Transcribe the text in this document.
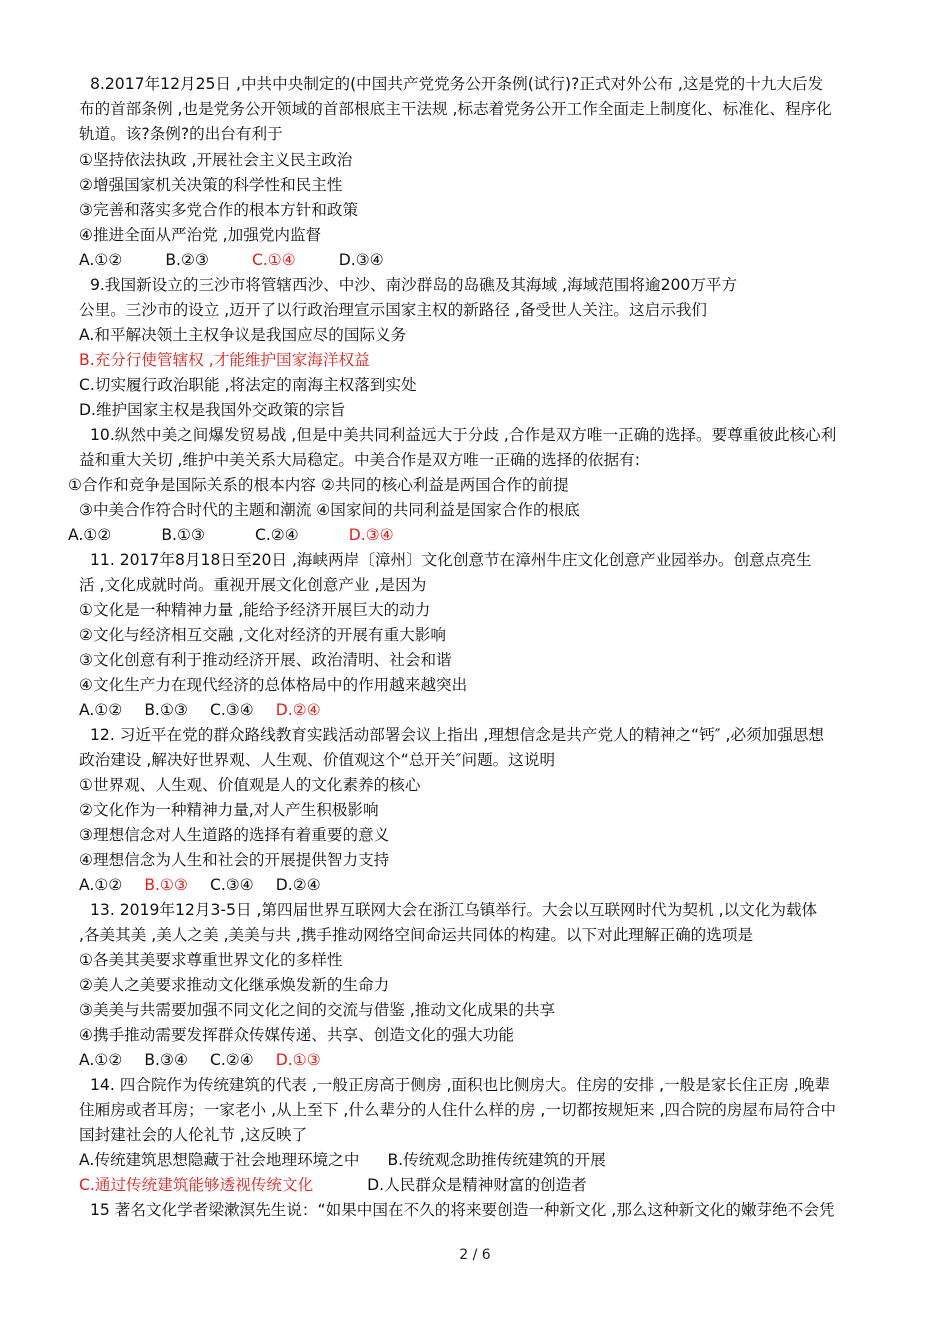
8.2017年12月25日 ,中共中央制定的(中国共产党党务公开条例(试行)?正式对外公布 ,这是党的十九大后发
布的首部条例 ,也是党务公开领域的首部根底主干法规 ,标志着党务公开工作全面走上制度化、标准化、程序化
轨道。该?条例?的出台有利于
①坚持依法执政 ,开展社会主义民主政治
②增强国家机关决策的科学性和民主性
③完善和落实多党合作的根本方针和政策
④推进全面从严治党 ,加强党内监督
A.①②	B.②③	C.①④	D.③④
9.我国新设立的三沙市将管辖西沙、中沙、南沙群岛的岛礁及其海域 ,海域范围将逾200万平方
公里。三沙市的设立 ,迈开了以行政治理宣示国家主权的新路径 ,备受世人关注。这启示我们
A.和平解决领土主权争议是我国应尽的国际义务
B.充分行使管辖权 ,才能维护国家海洋权益
C.切实履行政治职能 ,将法定的南海主权落到实处
D.维护国家主权是我国外交政策的宗旨
10.纵然中美之间爆发贸易战 ,但是中美共同利益远大于分歧 ,合作是双方唯一正确的选择。要尊重彼此核心利
益和重大关切 ,维护中美关系大局稳定。中美合作是双方唯一正确的选择的依据有:
①合作和竞争是国际关系的根本内容 ②共同的核心利益是两国合作的前提
③中美合作符合时代的主题和潮流 ④国家间的共同利益是国家合作的根底
A.①②	B.①③	C.②④	D.③④
11. 2017年8月18日至20日 ,海峡两岸〔漳州〕文化创意节在漳州牛庄文化创意产业园举办。创意点亮生
活 ,文化成就时尚。重视开展文化创意产业 ,是因为
①文化是一种精神力量 ,能给予经济开展巨大的动力
②文化与经济相互交融 ,文化对经济的开展有重大影响
③文化创意有利于推动经济开展、政治清明、社会和谐
④文化生产力在现代经济的总体格局中的作用越来越突出
A.①② B.①③ C.③④ D.②④
12. 习近平在党的群众路线教育实践活动部署会议上指出 ,理想信念是共产党人的精神之“钙″ ,必须加强思想
政治建设 ,解决好世界观、人生观、价值观这个“总开关″问题。这说明
①世界观、人生观、价值观是人的文化素养的核心
②文化作为一种精神力量,对人产生积极影响
③理想信念对人生道路的选择有着重要的意义
④理想信念为人生和社会的开展提供智力支持
A.①② B.①③ C.③④ D.②④
13. 2019年12月3-5日 ,第四届世界互联网大会在浙江乌镇举行。大会以互联网时代为契机 ,以文化为载体
,各美其美 ,美人之美 ,美美与共 ,携手推动网络空间命运共同体的构建。以下对此理解正确的选项是
①各美其美要求尊重世界文化的多样性
②美人之美要求推动文化继承焕发新的生命力
③美美与共需要加强不同文化之间的交流与借鉴 ,推动文化成果的共享
④携手推动需要发挥群众传媒传递、共享、创造文化的强大功能
A.①② B.③④ C.②④ D.①③
14. 四合院作为传统建筑的代表 ,一般正房高于侧房 ,面积也比侧房大。住房的安排 ,一般是家长住正房 ,晚辈
住厢房或者耳房；一家老小 ,从上至下 ,什么辈分的人住什么样的房 ,一切都按规矩来 ,四合院的房屋布局符合中
国封建社会的人伦礼节 ,这反映了
A.传统建筑思想隐藏于社会地理环境之中 B.传统观念助推传统建筑的开展
C.通过传统建筑能够透视传统文化	D.人民群众是精神财富的创造者
15 著名文化学者梁漱溟先生说：“如果中国在不久的将来要创造一种新文化 ,那么这种新文化的嫩芽绝不会凭
2 / 6
